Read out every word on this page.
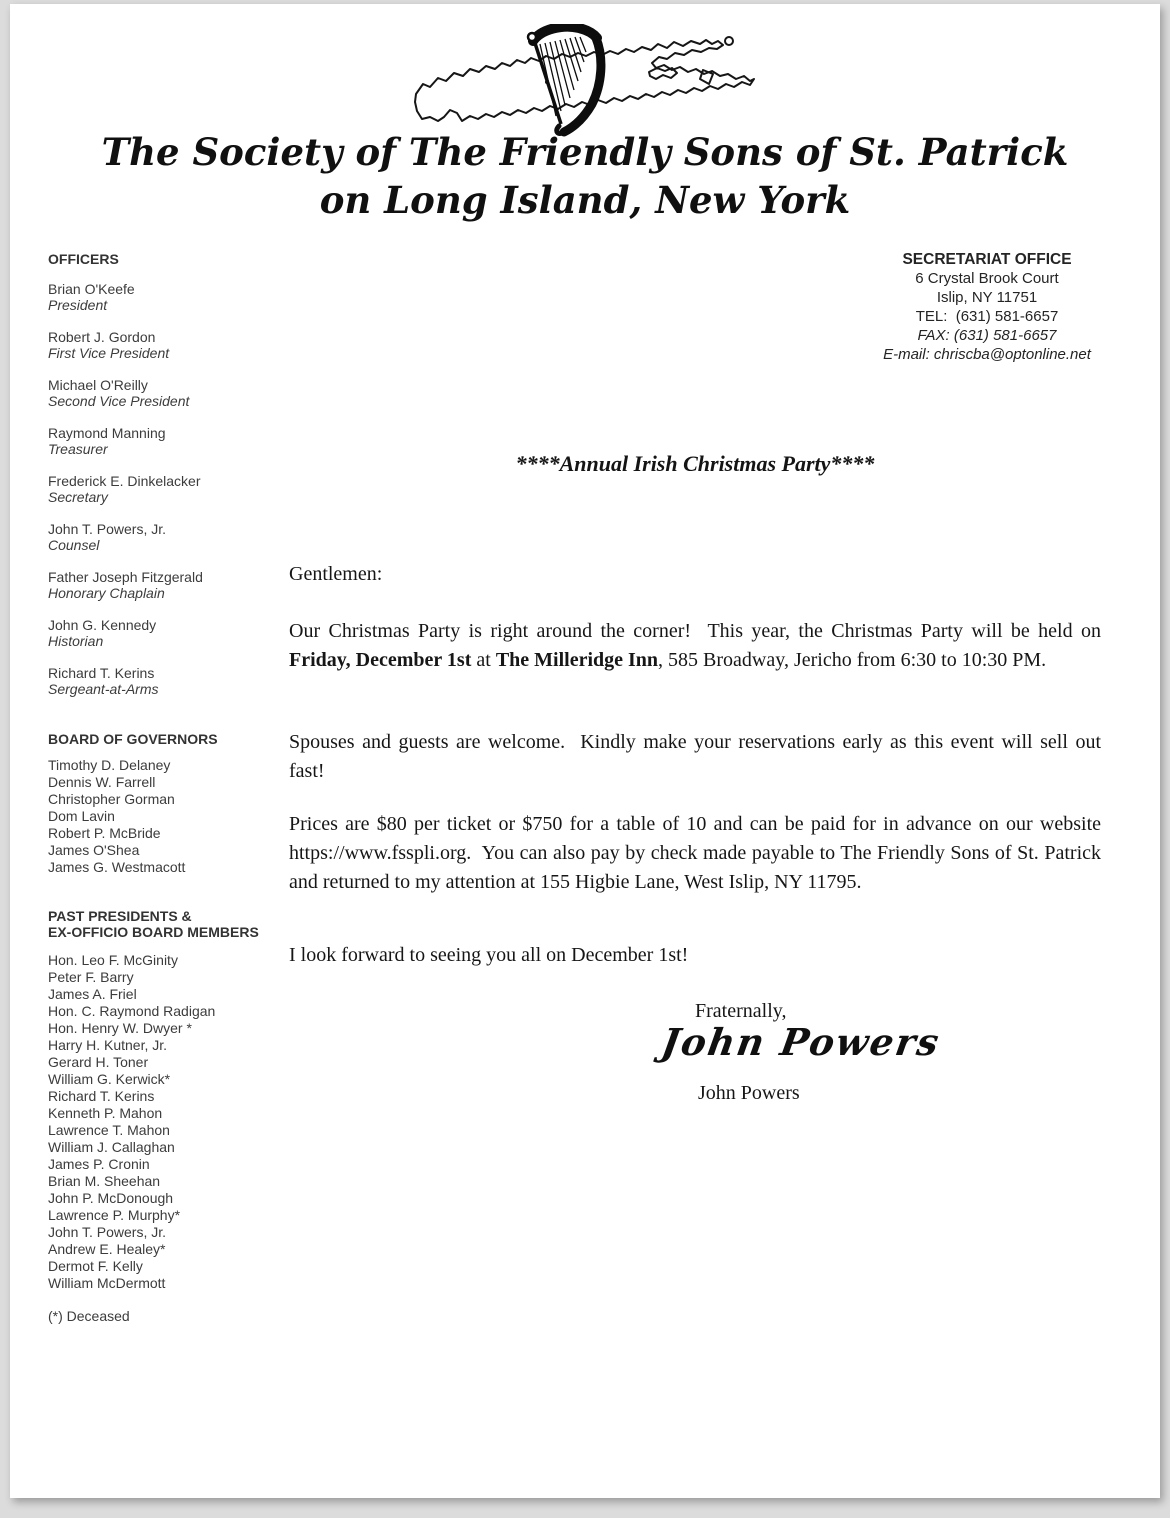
The Society of The Friendly Sons of St. Patrick
on Long Island, New York
OFFICERS
Brian O'Keefe
President
Robert J. Gordon
First Vice President
Michael O'Reilly
Second Vice President
Raymond Manning
Treasurer
Frederick E. Dinkelacker
Secretary
John T. Powers, Jr.
Counsel
Father Joseph Fitzgerald
Honorary Chaplain
John G. Kennedy
Historian
Richard T. Kerins
Sergeant-at-Arms
BOARD OF GOVERNORS
Timothy D. Delaney
Dennis W. Farrell
Christopher Gorman
Dom Lavin
Robert P. McBride
James O'Shea
James G. Westmacott
PAST PRESIDENTS &
EX-OFFICIO BOARD MEMBERS
Hon. Leo F. McGinity
Peter F. Barry
James A. Friel
Hon. C. Raymond Radigan
Hon. Henry W. Dwyer *
Harry H. Kutner, Jr.
Gerard H. Toner
William G. Kerwick*
Richard T. Kerins
Kenneth P. Mahon
Lawrence T. Mahon
William J. Callaghan
James P. Cronin
Brian M. Sheehan
John P. McDonough
Lawrence P. Murphy*
John T. Powers, Jr.
Andrew E. Healey*
Dermot F. Kelly
William McDermott
(*) Deceased
SECRETARIAT OFFICE
6 Crystal Brook Court
Islip, NY 11751
TEL:  (631) 581-6657
FAX: (631) 581-6657
E-mail: chriscba@optonline.net
****Annual Irish Christmas Party****
Gentlemen:

Our Christmas Party is right around the corner!  This year, the Christmas Party will be held on Friday, December 1st at The Milleridge Inn, 585 Broadway, Jericho from 6:30 to 10:30 PM.

Spouses and guests are welcome.  Kindly make your reservations early as this event will sell out fast!

Prices are $80 per ticket or $750 for a table of 10 and can be paid for in advance on our website https://www.fsspli.org.  You can also pay by check made payable to The Friendly Sons of St. Patrick and returned to my attention at 155 Higbie Lane, West Islip, NY 11795.

I look forward to seeing you all on December 1st!

Fraternally,
John Powers
John Powers
